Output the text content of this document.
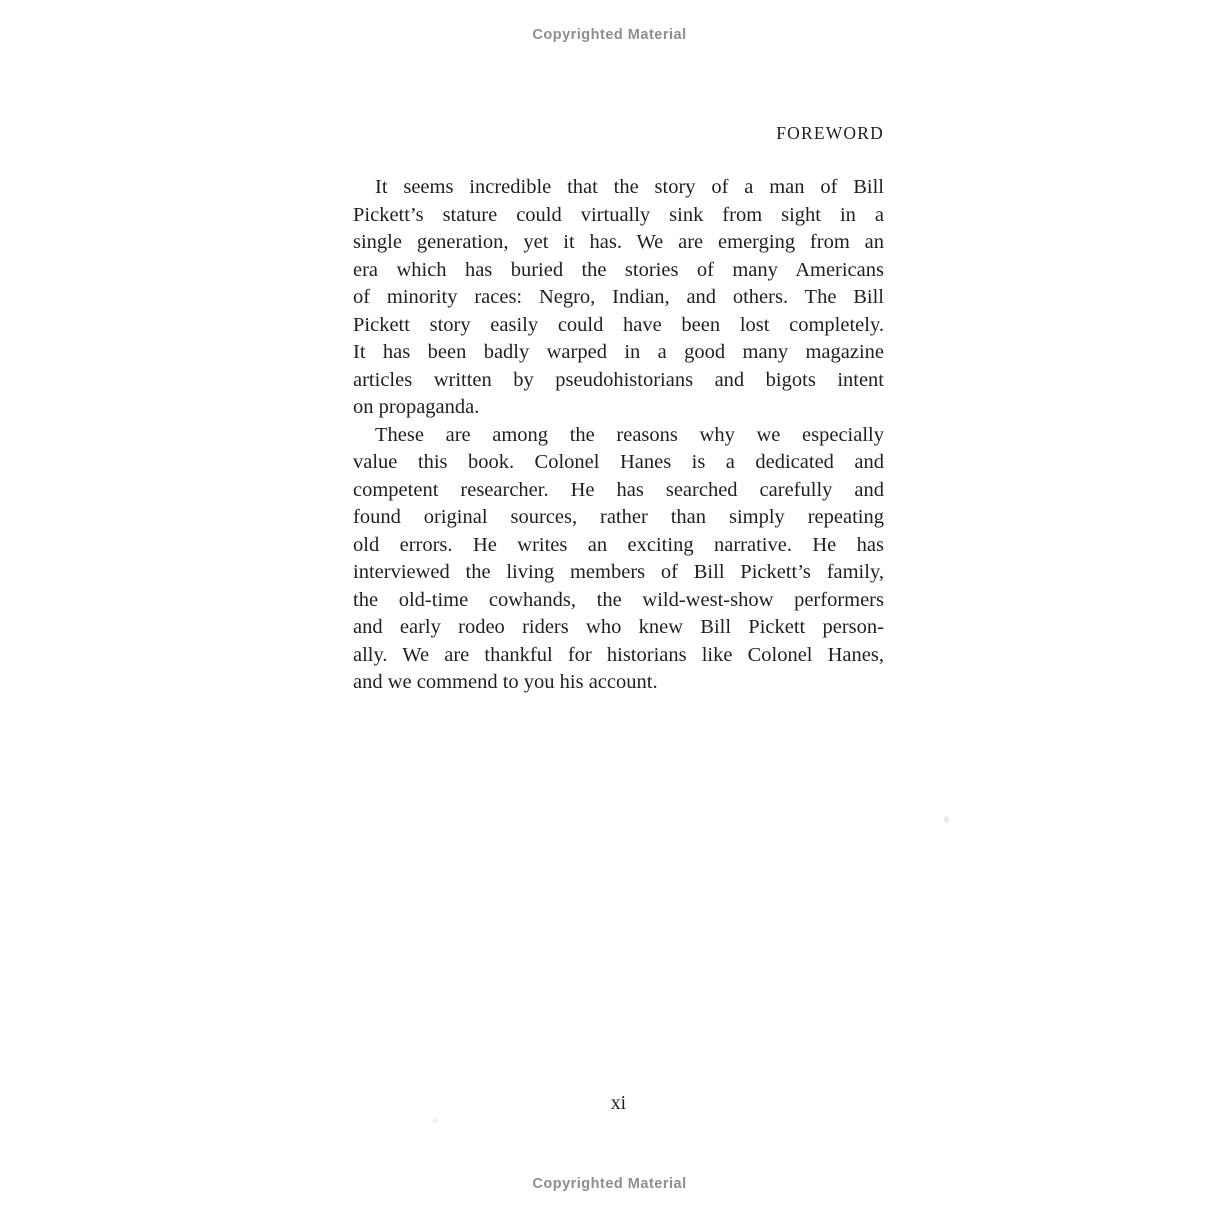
Copyrighted Material
FOREWORD
It seems incredible that the story of a man of Bill
Pickett’s stature could virtually sink from sight in a
single generation, yet it has. We are emerging from an
era which has buried the stories of many Americans
of minority races: Negro, Indian, and others. The Bill
Pickett story easily could have been lost completely.
It has been badly warped in a good many magazine
articles written by pseudohistorians and bigots intent
on propaganda.
These are among the reasons why we especially
value this book. Colonel Hanes is a dedicated and
competent researcher. He has searched carefully and
found original sources, rather than simply repeating
old errors. He writes an exciting narrative. He has
interviewed the living members of Bill Pickett’s family,
the old-time cowhands, the wild-west-show performers
and early rodeo riders who knew Bill Pickett person-
ally. We are thankful for historians like Colonel Hanes,
and we commend to you his account.
xi
Copyrighted Material
